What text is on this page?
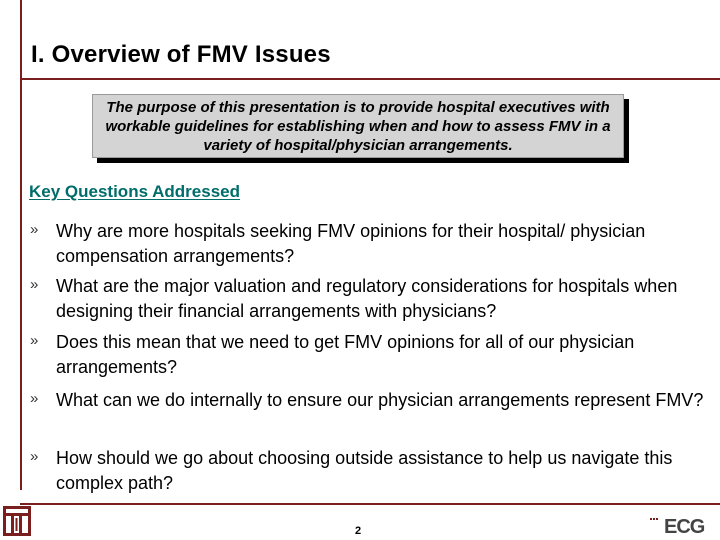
I. Overview of FMV Issues
The purpose of this presentation is to provide hospital executives with workable guidelines for establishing when and how to assess FMV in a variety of hospital/physician arrangements.
Key Questions Addressed
» Why are more hospitals seeking FMV opinions for their hospital/ physician compensation arrangements?
» What are the major valuation and regulatory considerations for hospitals when designing their financial arrangements with physicians?
» Does this mean that we need to get FMV opinions for all of our physician arrangements?
» What can we do internally to ensure our physician arrangements represent FMV?
» How should we go about choosing outside assistance to help us navigate this complex path?
2	ECG
